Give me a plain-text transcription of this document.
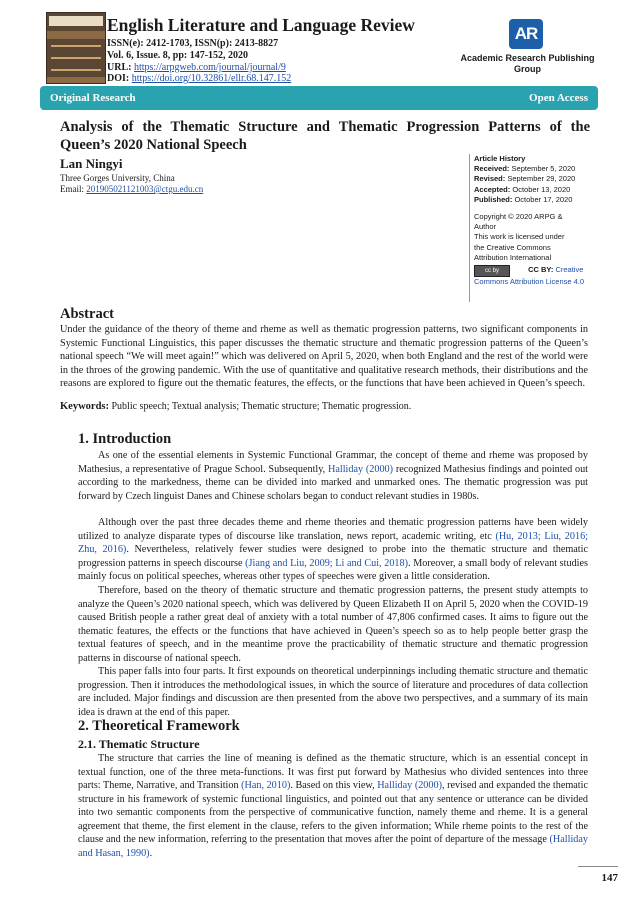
English Literature and Language Review
ISSN(e): 2412-1703, ISSN(p): 2413-8827
Vol. 6, Issue. 8, pp: 147-152, 2020
URL: https://arpgweb.com/journal/journal/9
DOI: https://doi.org/10.32861/ellr.68.147.152
AR
Academic Research Publishing Group
Original Research	Open Access
Analysis of the Thematic Structure and Thematic Progression Patterns of the Queen’s 2020 National Speech
Lan Ningyi
Three Gorges University, China
Email: 201905021121003@ctgu.edu.cn
Article History
Received: September 5, 2020
Revised: September 29, 2020
Accepted: October 13, 2020
Published: October 17, 2020
Copyright © 2020 ARPG &
Author
This work is licensed under
the Creative Commons
Attribution International
cc by	CC BY: Creative Commons Attribution License 4.0
Abstract

Under the guidance of the theory of theme and rheme as well as thematic progression patterns, two significant components in Systemic Functional Linguistics, this paper discusses the thematic structure and thematic progression patterns of the Queen’s national speech “We will meet again!” which was delivered on April 5, 2020, when both England and the rest of the world were in the throes of the growing pandemic. With the use of quantitative and qualitative research methods, their distributions and the reasons are explored to figure out the thematic features, the effects, or the functions that have been achieved in Queen’s speech.

Keywords: Public speech; Textual analysis; Thematic structure; Thematic progression.

1. Introduction

As one of the essential elements in Systemic Functional Grammar, the concept of theme and rheme was proposed by Mathesius, a representative of Prague School. Subsequently, Halliday (2000) recognized Mathesius findings and pointed out according to the markedness, theme can be divided into marked and unmarked ones. The thematic progression was put forward by Czech linguist Danes and Chinese scholars began to conduct relevant studies in 1980s.

Although over the past three decades theme and rheme theories and thematic progression patterns have been widely utilized to analyze disparate types of discourse like translation, news report, academic writing, etc (Hu, 2013; Liu, 2016; Zhu, 2016). Nevertheless, relatively fewer studies were designed to probe into the thematic structure and thematic progression patterns in speech discourse (Jiang and Liu, 2009; Li and Cui, 2018). Moreover, a small body of relevant studies mainly focus on political speeches, whereas other types of speeches were given a little consideration.

Therefore, based on the theory of thematic structure and thematic progression patterns, the present study attempts to analyze the Queen’s 2020 national speech, which was delivered by Queen Elizabeth II on April 5, 2020 when the COVID-19 caused British people a rather great deal of anxiety with a total number of 47,806 confirmed cases. It aims to figure out the thematic features, the effects or the functions that have achieved in Queen’s speech so as to help people better grasp the textual features of speech, and in the meantime prove the practicability of thematic structure and thematic progression patterns in discourse of national speech.

This paper falls into four parts. It first expounds on theoretical underpinnings including thematic structure and thematic progression. Then it introduces the methodological issues, in which the source of literature and procedures of data collection are included. Major findings and discussion are then presented from the above two perspectives, and a summary of its main idea is drawn at the end of this paper.

2. Theoretical Framework
2.1. Thematic Structure

The structure that carries the line of meaning is defined as the thematic structure, which is an essential concept in textual function, one of the three meta-functions. It was first put forward by Mathesius who divided sentences into three parts: Theme, Narrative, and Transition (Han, 2010). Based on this view, Halliday (2000), revised and expanded the thematic structure in his framework of systemic functional linguistics, and pointed out that any sentence or utterance can be divided into two semantic components from the perspective of communicative function, namely theme and rheme. It is a general agreement that theme, the first element in the clause, refers to the given information; While rheme points to the rest of the clause and the new information, referring to the presentation that moves after the point of departure of the message (Halliday and Hasan, 1990).

147
